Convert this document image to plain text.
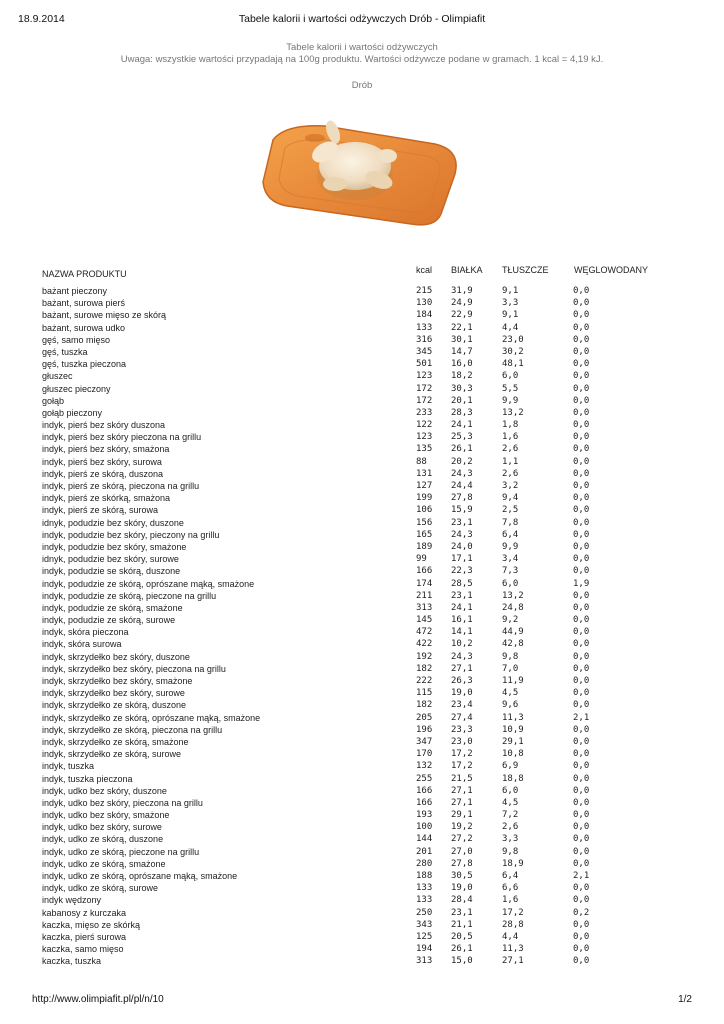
18.9.2014	Tabele kalorii i wartości odżywczych Drób - Olimpiafit
Tabele kalorii i wartości odżywczych
Uwaga: wszystkie wartości przypadają na 100g produktu. Wartości odżywcze podane w gramach. 1 kcal = 4,19 kJ.
Drób
NAZWA PRODUKTU	kcal BIAŁKA TŁUSZCZE	WĘGLOWODANY
bażant pieczony	215	31,9	9,1	0,0
bażant, surowa pierś	130	24,9	3,3	0,0
bażant, surowe mięso ze skórą	184	22,9	9,1	0,0
bażant, surowa udko	133	22,1	4,4	0,0
gęś, samo mięso	316	30,1	23,0	0,0
gęś, tuszka	345	14,7	30,2	0,0
gęś, tuszka pieczona	501	16,0	48,1	0,0
głuszec	123	18,2	6,0	0,0
głuszec pieczony	172	30,3	5,5	0,0
gołąb	172	20,1	9,9	0,0
gołąb pieczony	233	28,3	13,2	0,0
indyk, pierś bez skóry duszona	122	24,1	1,8	0,0
indyk, pierś bez skóry pieczona na grillu	123	25,3	1,6	0,0
indyk, pierś bez skóry, smażona	135	26,1	2,6	0,0
indyk, pierś bez skóry, surowa	88	20,2	1,1	0,0
indyk, pierś ze skórą, duszona	131	24,3	2,6	0,0
indyk, pierś ze skórą, pieczona na grillu	127	24,4	3,2	0,0
indyk, pierś ze skórką, smażona	199	27,8	9,4	0,0
indyk, pierś ze skórą, surowa	106	15,9	2,5	0,0
idnyk, podudzie bez skóry, duszone	156	23,1	7,8	0,0
indyk, podudzie bez skóry, pieczony na grillu	165	24,3	6,4	0,0
indyk, podudzie bez skóry, smażone	189	24,0	9,9	0,0
idnyk, podudzie bez skóry, surowe	99	17,1	3,4	0,0
indyk, podudzie se skórą, duszone	166	22,3	7,3	0,0
indyk, podudzie ze skórą, oprószane mąką, smażone	174	28,5	6,0	1,9
indyk, podudzie ze skórą, pieczone na grillu	211	23,1	13,2	0,0
indyk, podudzie ze skórą, smażone	313	24,1	24,8	0,0
indyk, podudzie ze skórą, surowe	145	16,1	9,2	0,0
indyk, skóra pieczona	472	14,1	44,9	0,0
indyk, skóra surowa	422	10,2	42,8	0,0
indyk, skrzydełko bez skóry, duszone	192	24,3	9,8	0,0
indyk, skrzydełko bez skóry, pieczona na grillu	182	27,1	7,0	0,0
indyk, skrzydełko bez skóry, smażone	222	26,3	11,9	0,0
indyk, skrzydełko bez skóry, surowe	115	19,0	4,5	0,0
indyk, skrzydełko ze skórą, duszone	182	23,4	9,6	0,0
indyk, skrzydełko ze skórą, oprószane mąką, smażone	205	27,4	11,3	2,1
indyk, skrzydełko ze skórą, pieczona na grillu	196	23,3	10,9	0,0
indyk, skrzydełko ze skórą, smażone	347	23,0	29,1	0,0
indyk, skrzydełko ze skórą, surowe	170	17,2	10,8	0,0
indyk, tuszka	132	17,2	6,9	0,0
indyk, tuszka pieczona	255	21,5	18,8	0,0
indyk, udko bez skóry, duszone	166	27,1	6,0	0,0
indyk, udko bez skóry, pieczona na grillu	166	27,1	4,5	0,0
indyk, udko bez skóry, smażone	193	29,1	7,2	0,0
indyk, udko bez skóry, surowe	100	19,2	2,6	0,0
indyk, udko ze skórą, duszone	144	27,2	3,3	0,0
indyk, udko ze skórą, pieczone na grillu	201	27,0	9,8	0,0
indyk, udko ze skórą, smażone	280	27,8	18,9	0,0
indyk, udko ze skórą, oprószane mąką, smażone	188	30,5	6,4	2,1
indyk, udko ze skórą, surowe	133	19,0	6,6	0,0
indyk wędzony	133	28,4	1,6	0,0
kabanosy z kurczaka	250	23,1	17,2	0,2
kaczka, mięso ze skórką	343	21,1	28,8	0,0
kaczka, pierś surowa	125	20,5	4,4	0,0
kaczka, samo mięso	194	26,1	11,3	0,0
kaczka, tuszka	313	15,0	27,1	0,0
http://www.olimpiafit.pl/pl/n/10	1/2
